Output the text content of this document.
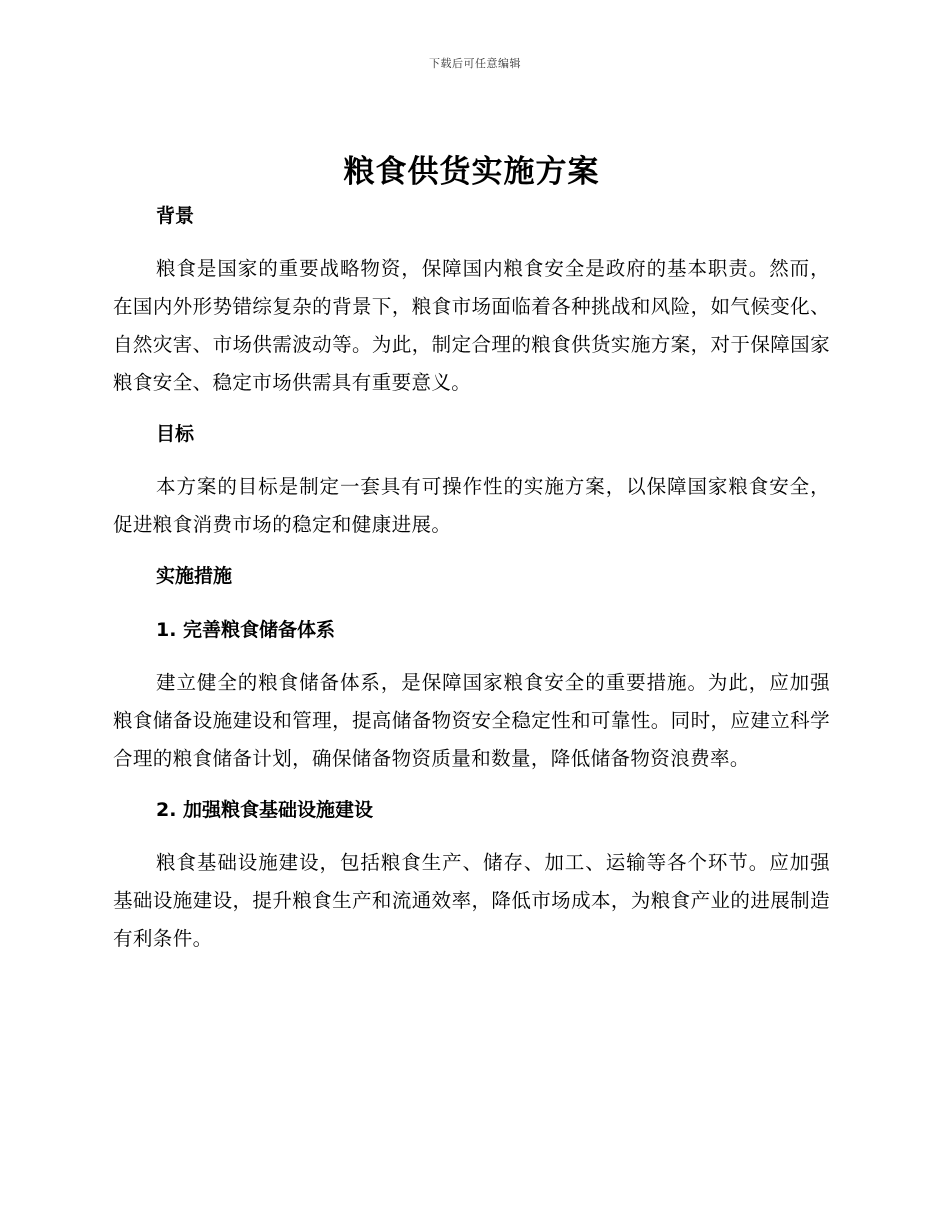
下载后可任意编辑
粮食供货实施方案
背景

粮食是国家的重要战略物资，保障国内粮食安全是政府的基本职责。然而，在国内外形势错综复杂的背景下，粮食市场面临着各种挑战和风险，如气候变化、自然灾害、市场供需波动等。为此，制定合理的粮食供货实施方案，对于保障国家粮食安全、稳定市场供需具有重要意义。

目标

本方案的目标是制定一套具有可操作性的实施方案，以保障国家粮食安全，促进粮食消费市场的稳定和健康进展。

实施措施
1. 完善粮食储备体系

建立健全的粮食储备体系，是保障国家粮食安全的重要措施。为此，应加强粮食储备设施建设和管理，提高储备物资安全稳定性和可靠性。同时，应建立科学合理的粮食储备计划，确保储备物资质量和数量，降低储备物资浪费率。

2. 加强粮食基础设施建设

粮食基础设施建设，包括粮食生产、储存、加工、运输等各个环节。应加强基础设施建设，提升粮食生产和流通效率，降低市场成本，为粮食产业的进展制造有利条件。
